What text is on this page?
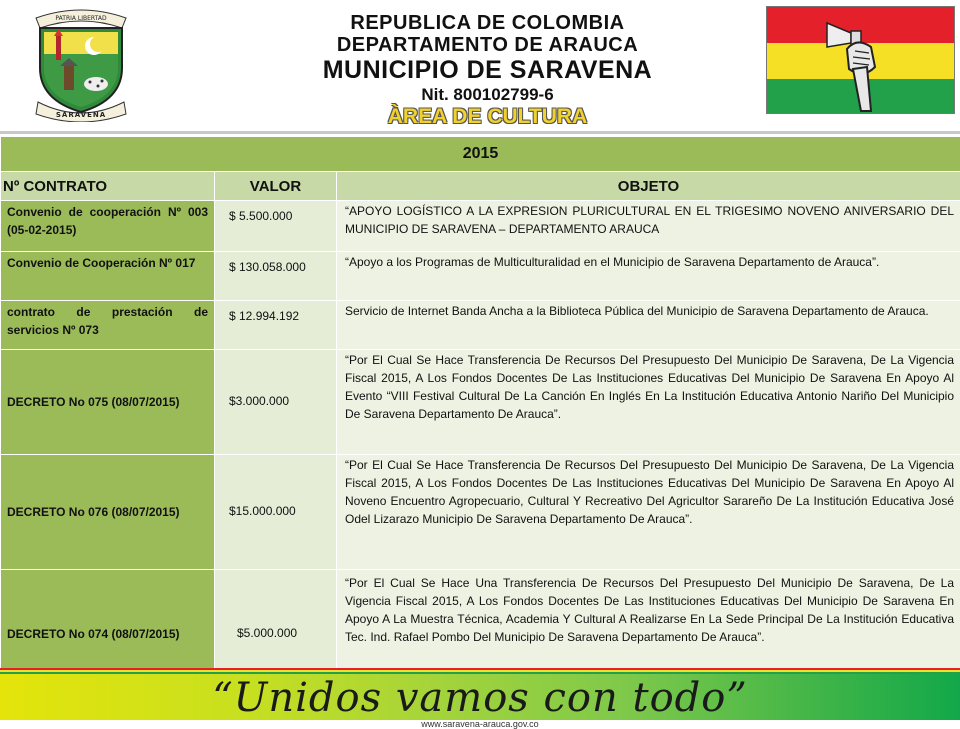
PATRIA LIBERTAD
SARAVENA
REPUBLICA DE COLOMBIA
DEPARTAMENTO DE ARAUCA
MUNICIPIO DE SARAVENA
Nit. 800102799-6
ÀREA DE CULTURA
2015		
Nº CONTRATO	VALOR	OBJETO
Convenio de cooperación Nº 003 (05-02-2015)	$ 5.500.000	“APOYO LOGÍSTICO A LA EXPRESION PLURICULTURAL EN EL TRIGESIMO NOVENO ANIVERSARIO DEL MUNICIPIO DE SARAVENA – DEPARTAMENTO ARAUCA
Convenio de Cooperación Nº 017	$ 130.058.000	“Apoyo a los Programas de Multiculturalidad en el Municipio de Saravena Departamento de Arauca”.
contrato de prestación de servicios Nº 073	$ 12.994.192	Servicio de Internet Banda Ancha a la Biblioteca Pública del Municipio de Saravena Departamento de Arauca.
DECRETO No 075 (08/07/2015)	$3.000.000	“Por El Cual Se Hace Transferencia De Recursos Del Presupuesto Del Municipio De Saravena, De La Vigencia Fiscal 2015, A Los Fondos Docentes De Las Instituciones Educativas Del Municipio De Saravena En Apoyo Al Evento “VIII Festival Cultural De La Canción En Inglés En La Institución Educativa Antonio Nariño Del Municipio De Saravena Departamento De Arauca”.
DECRETO No 076 (08/07/2015)	$15.000.000	“Por El Cual Se Hace Transferencia De Recursos Del Presupuesto Del Municipio De Saravena, De La Vigencia Fiscal 2015, A Los Fondos Docentes De Las Instituciones Educativas Del Municipio De Saravena En Apoyo Al Noveno Encuentro Agropecuario, Cultural Y Recreativo Del Agricultor Sarareño De La Institución Educativa José Odel Lizarazo Municipio De Saravena Departamento De Arauca”.
DECRETO No 074 (08/07/2015)	$5.000.000	“Por El Cual Se Hace Una Transferencia De Recursos Del Presupuesto Del Municipio De Saravena, De La Vigencia Fiscal 2015, A Los Fondos Docentes De Las Instituciones Educativas Del Municipio De Saravena En Apoyo A La Muestra Técnica, Academia Y Cultural A Realizarse En La Sede Principal De La Institución Educativa Tec. Ind. Rafael Pombo Del Municipio De Saravena Departamento De Arauca”.
“Unidos vamos con todo”
www.saravena-arauca.gov.co
